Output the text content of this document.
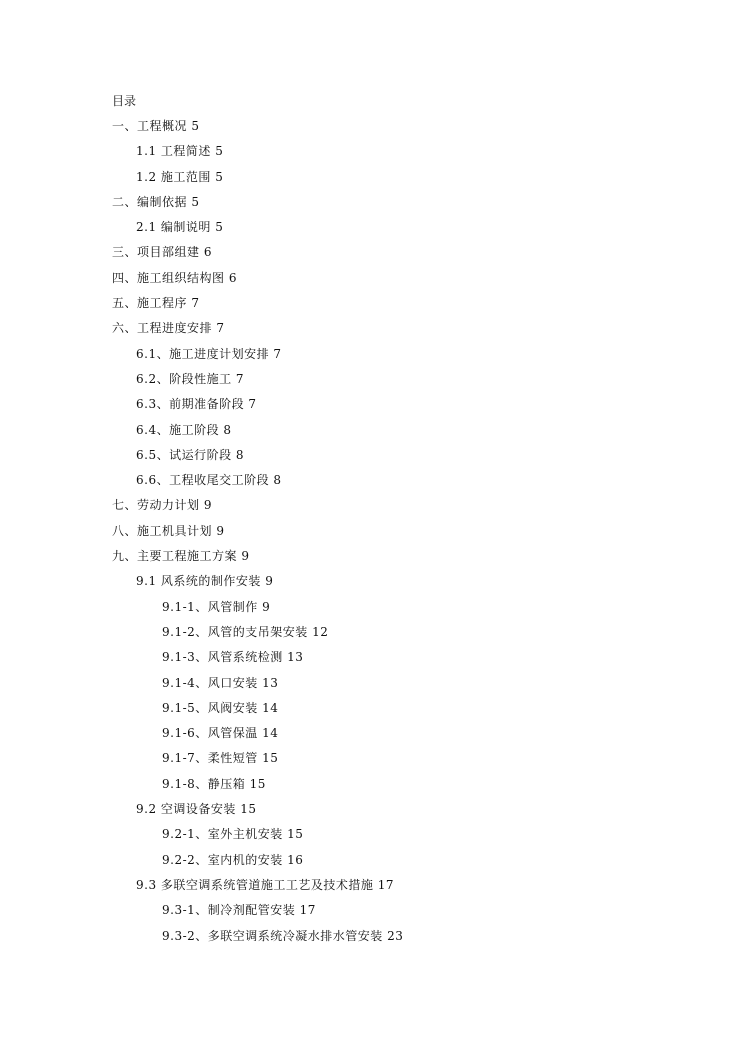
目录
一、工程概况 5
1.1 工程简述 5
1.2 施工范围 5
二、编制依据 5
2.1 编制说明 5
三、项目部组建 6
四、施工组织结构图 6
五、施工程序 7
六、工程进度安排 7
6.1、施工进度计划安排 7
6.2、阶段性施工 7
6.3、前期准备阶段 7
6.4、施工阶段 8
6.5、试运行阶段 8
6.6、工程收尾交工阶段 8
七、劳动力计划 9
八、施工机具计划 9
九、主要工程施工方案 9
9.1 风系统的制作安装 9
9.1-1、风管制作 9
9.1-2、风管的支吊架安装 12
9.1-3、风管系统检测 13
9.1-4、风口安装 13
9.1-5、风阀安装 14
9.1-6、风管保温 14
9.1-7、柔性短管 15
9.1-8、静压箱 15
9.2 空调设备安装 15
9.2-1、室外主机安装 15
9.2-2、室内机的安装 16
9.3 多联空调系统管道施工工艺及技术措施 17
9.3-1、制冷剂配管安装 17
9.3-2、多联空调系统冷凝水排水管安装 23
